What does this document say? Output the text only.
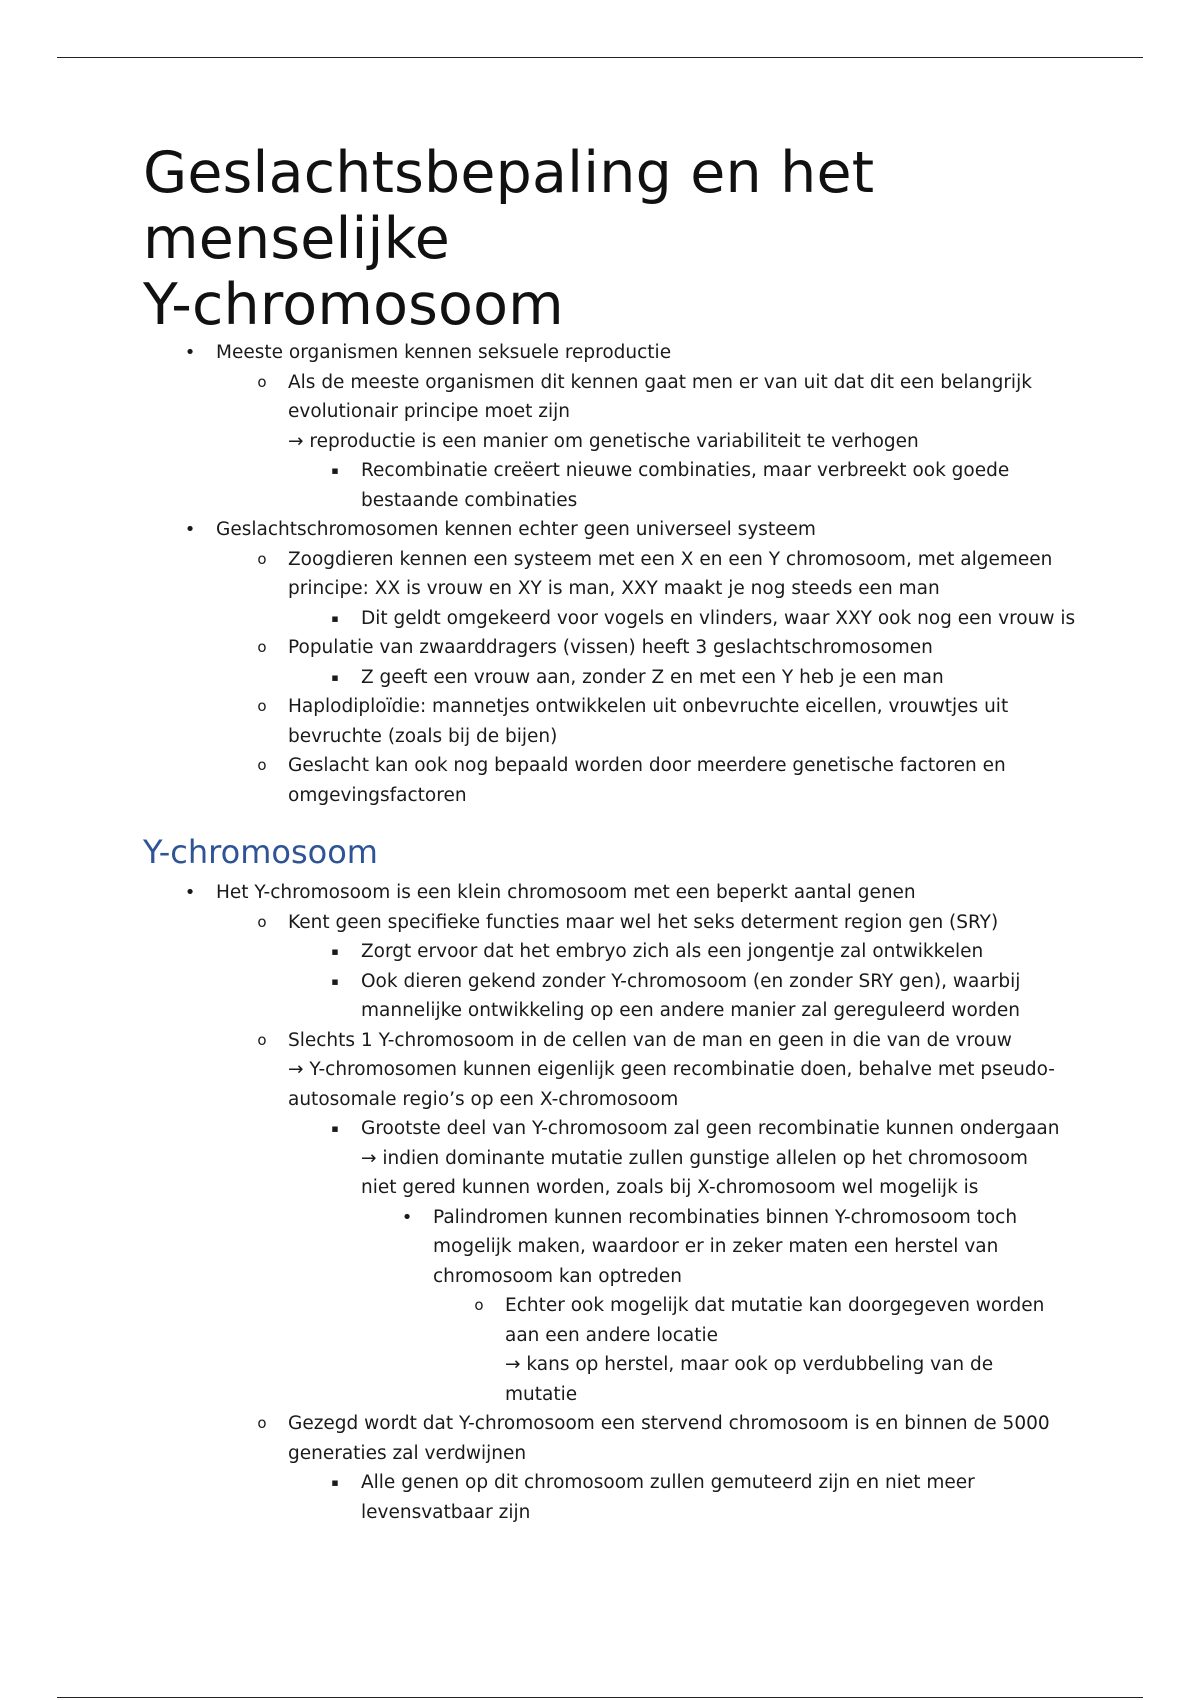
Geslachtsbepaling en het
menselijke
Y-chromosoom
• Meeste organismen kennen seksuele reproductie
o Als de meeste organismen dit kennen gaat men er van uit dat dit een belangrijk
evolutionair principe moet zijn
→ reproductie is een manier om genetische variabiliteit te verhogen
▪	Recombinatie creëert nieuwe combinaties, maar verbreekt ook goede
bestaande combinaties
• Geslachtschromosomen kennen echter geen universeel systeem
o Zoogdieren kennen een systeem met een X en een Y chromosoom, met algemeen
principe: XX is vrouw en XY is man, XXY maakt je nog steeds een man
▪	Dit geldt omgekeerd voor vogels en vlinders, waar XXY ook nog een vrouw is
o Populatie van zwaarddragers (vissen) heeft 3 geslachtschromosomen
▪	Z geeft een vrouw aan, zonder Z en met een Y heb je een man
o Haplodiploïdie: mannetjes ontwikkelen uit onbevruchte eicellen, vrouwtjes uit
bevruchte (zoals bij de bijen)
o Geslacht kan ook nog bepaald worden door meerdere genetische factoren en
omgevingsfactoren
Y-chromosoom
• Het Y-chromosoom is een klein chromosoom met een beperkt aantal genen
o Kent geen specifieke functies maar wel het seks determent region gen (SRY)
▪	Zorgt ervoor dat het embryo zich als een jongentje zal ontwikkelen
▪	Ook dieren gekend zonder Y-chromosoom (en zonder SRY gen), waarbij
mannelijke ontwikkeling op een andere manier zal gereguleerd worden
o Slechts 1 Y-chromosoom in de cellen van de man en geen in die van de vrouw
→ Y-chromosomen kunnen eigenlijk geen recombinatie doen, behalve met pseudo-
autosomale regio’s op een X-chromosoom
▪	Grootste deel van Y-chromosoom zal geen recombinatie kunnen ondergaan
→ indien dominante mutatie zullen gunstige allelen op het chromosoom
niet gered kunnen worden, zoals bij X-chromosoom wel mogelijk is
• Palindromen kunnen recombinaties binnen Y-chromosoom toch
mogelijk maken, waardoor er in zeker maten een herstel van
chromosoom kan optreden
o Echter ook mogelijk dat mutatie kan doorgegeven worden
aan een andere locatie
→ kans op herstel, maar ook op verdubbeling van de
mutatie
o Gezegd wordt dat Y-chromosoom een stervend chromosoom is en binnen de 5000
generaties zal verdwijnen
▪	Alle genen op dit chromosoom zullen gemuteerd zijn en niet meer
levensvatbaar zijn
